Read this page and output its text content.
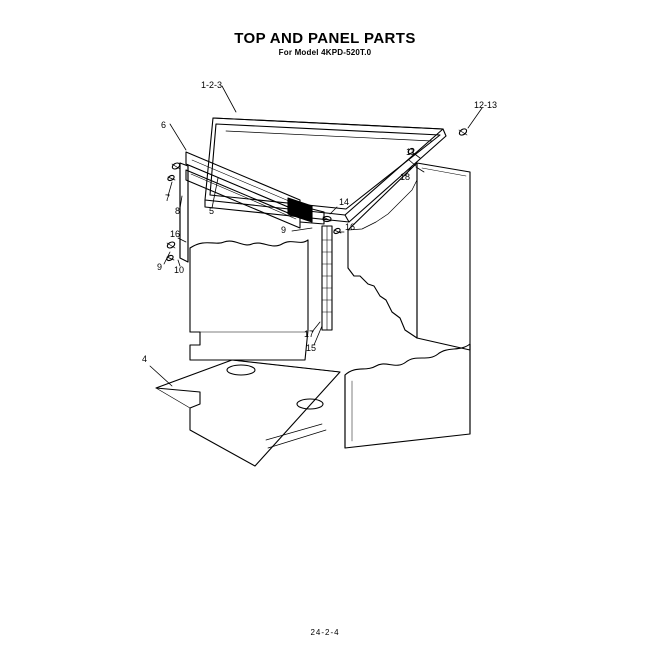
TOP AND PANEL PARTS
For Model 4KPD-520T.0
1-2-3
12-13
6
11
7
8	5
18
14
16
9
16
9 10
17
15
4
24-2-4
